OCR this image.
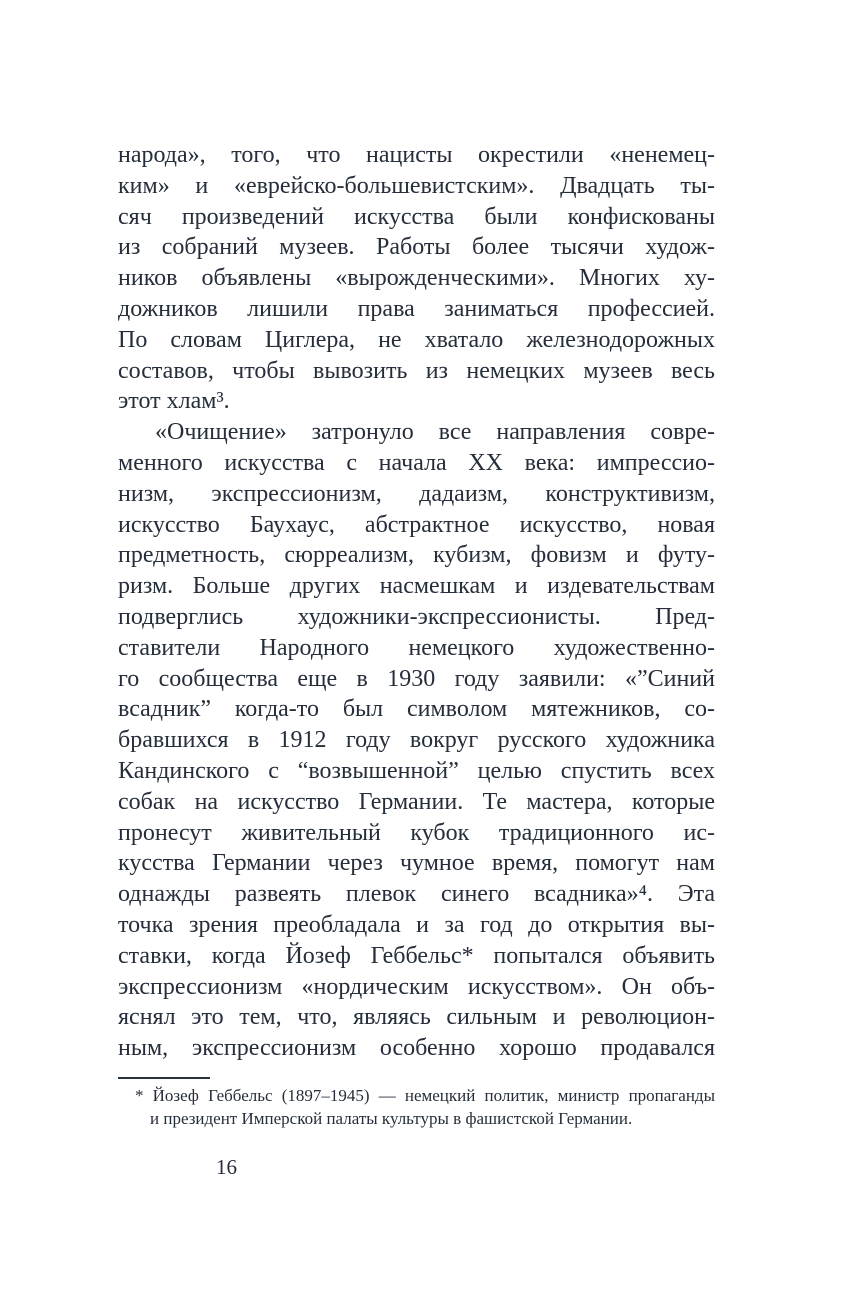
народа», того, что нацисты окрестили «ненемец-
ким» и «еврейско-большевистским». Двадцать ты-
сяч произведений искусства были конфискованы
из собраний музеев. Работы более тысячи худож-
ников объявлены «вырожденческими». Многих ху-
дожников лишили права заниматься профессией.
По словам Циглера, не хватало железнодорожных
составов, чтобы вывозить из немецких музеев весь
этот хлам³.
«Очищение» затронуло все направления совре-
менного искусства с начала XX века: импрессио-
низм, экспрессионизм, дадаизм, конструктивизм,
искусство Баухаус, абстрактное искусство, новая
предметность, сюрреализм, кубизм, фовизм и футу-
ризм. Больше других насмешкам и издевательствам
подверглись художники-экспрессионисты. Пред-
ставители Народного немецкого художественно-
го сообщества еще в 1930 году заявили: «”Синий
всадник” когда-то был символом мятежников, со-
бравшихся в 1912 году вокруг русского художника
Кандинского с “возвышенной” целью спустить всех
собак на искусство Германии. Те мастера, которые
пронесут живительный кубок традиционного ис-
кусства Германии через чумное время, помогут нам
однажды развеять плевок синего всадника»⁴. Эта
точка зрения преобладала и за год до открытия вы-
ставки, когда Йозеф Геббельс* попытался объявить
экспрессионизм «нордическим искусством». Он объ-
яснял это тем, что, являясь сильным и революцион-
ным, экспрессионизм особенно хорошо продавался
* Йозеф Геббельс (1897–1945) — немецкий политик, министр пропаганды
и президент Имперской палаты культуры в фашистской Германии.
16
